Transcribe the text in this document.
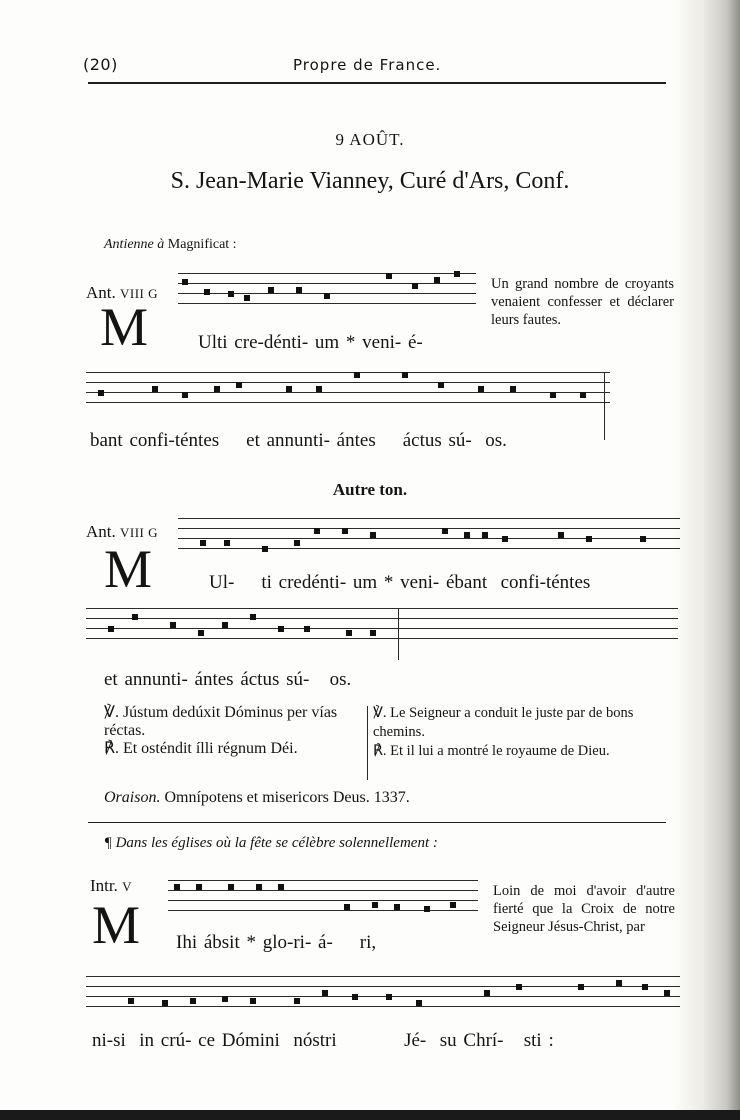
(20)	Propre de France.
9 AOÛT.
S. Jean-Marie Vianney, Curé d'Ars, Conf.
Antienne à Magnificat :
Ant. VIII G
M	Ulti cre-dénti- um * veni- é-
Un grand nombre de croyants venaient confesser et déclarer leurs fautes.
bant confi-téntes    et annunti- ántes    áctus sú-  os.
Autre ton.
Ant. VIII G
M	Ul-    ti credénti- um * veni- ébant  confi-téntes
et annunti- ántes áctus sú-   os.
℣. Jústum dedúxit Dóminus per vías réctas.
℟. Et osténdit ílli régnum Déi.
℣. Le Seigneur a conduit le juste par de bons chemins.
℟. Et il lui a montré le royaume de Dieu.
Oraison. Omnípotens et misericors Deus. 1337.
¶ Dans les églises où la fête se célèbre solennellement :
Intr. V
M Ihi ábsit * glo-ri- á-    ri,
Loin de moi d'avoir d'autre fierté que la Croix de notre Seigneur Jésus-Christ, par
ni-si  in crú- ce Dómini  nóstri          Jé-  su Chrí-   sti :
